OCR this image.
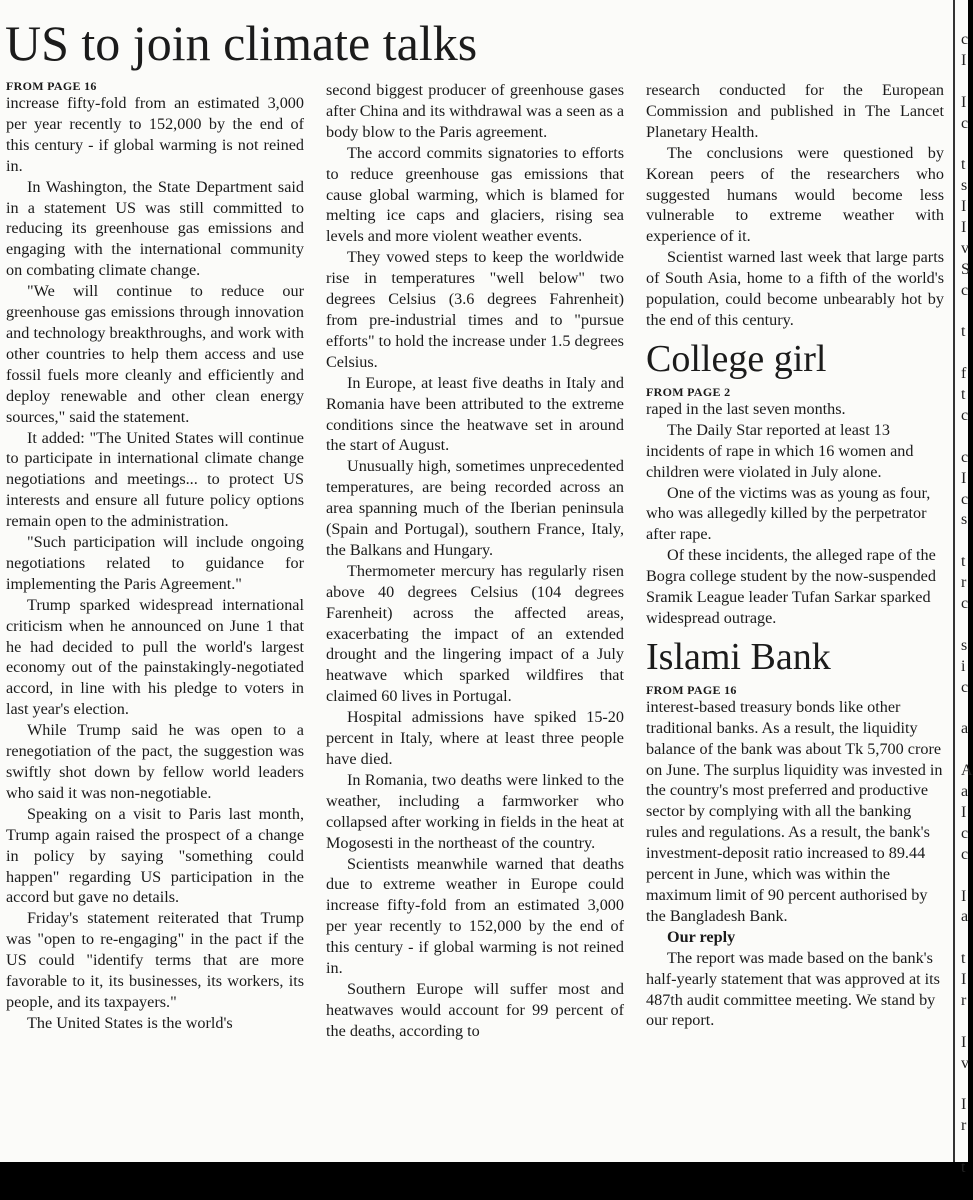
US to join climate talks

FROM PAGE 16

increase fifty-fold from an estimated 3,000 per year recently to 152,000 by the end of this century - if global warming is not reined in.

In Washington, the State Department said in a statement US was still committed to reducing its greenhouse gas emissions and engaging with the international community on combating climate change.

"We will continue to reduce our greenhouse gas emissions through innovation and technology breakthroughs, and work with other countries to help them access and use fossil fuels more cleanly and efficiently and deploy renewable and other clean energy sources," said the statement.

It added: "The United States will continue to participate in international climate change negotiations and meetings... to protect US interests and ensure all future policy options remain open to the administration.

"Such participation will include ongoing negotiations related to guidance for implementing the Paris Agreement."

Trump sparked widespread international criticism when he announced on June 1 that he had decided to pull the world's largest economy out of the painstakingly-negotiated accord, in line with his pledge to voters in last year's election.

While Trump said he was open to a renegotiation of the pact, the suggestion was swiftly shot down by fellow world leaders who said it was non-negotiable.

Speaking on a visit to Paris last month, Trump again raised the prospect of a change in policy by saying "something could happen" regarding US participation in the accord but gave no details.

Friday's statement reiterated that Trump was "open to re-engaging" in the pact if the US could "identify terms that are more favorable to it, its businesses, its workers, its people, and its taxpayers."

The United States is the world's

second biggest producer of greenhouse gases after China and its withdrawal was a seen as a body blow to the Paris agreement.

The accord commits signatories to efforts to reduce greenhouse gas emissions that cause global warming, which is blamed for melting ice caps and glaciers, rising sea levels and more violent weather events.

They vowed steps to keep the worldwide rise in temperatures "well below" two degrees Celsius (3.6 degrees Fahrenheit) from pre-industrial times and to "pursue efforts" to hold the increase under 1.5 degrees Celsius.

In Europe, at least five deaths in Italy and Romania have been attributed to the extreme conditions since the heatwave set in around the start of August.

Unusually high, sometimes unprecedented temperatures, are being recorded across an area spanning much of the Iberian peninsula (Spain and Portugal), southern France, Italy, the Balkans and Hungary.

Thermometer mercury has regularly risen above 40 degrees Celsius (104 degrees Farenheit) across the affected areas, exacerbating the impact of an extended drought and the lingering impact of a July heatwave which sparked wildfires that claimed 60 lives in Portugal.

Hospital admissions have spiked 15-20 percent in Italy, where at least three people have died.

In Romania, two deaths were linked to the weather, including a farmworker who collapsed after working in fields in the heat at Mogosesti in the northeast of the country.

Scientists meanwhile warned that deaths due to extreme weather in Europe could increase fifty-fold from an estimated 3,000 per year recently to 152,000 by the end of this century - if global warming is not reined in.

Southern Europe will suffer most and heatwaves would account for 99 percent of the deaths, according to

research conducted for the European Commission and published in The Lancet Planetary Health.

The conclusions were questioned by Korean peers of the researchers who suggested humans would become less vulnerable to extreme weather with experience of it.

Scientist warned last week that large parts of South Asia, home to a fifth of the world's population, could become unbearably hot by the end of this century.

College girl

FROM PAGE 2

raped in the last seven months.

The Daily Star reported at least 13 incidents of rape in which 16 women and children were violated in July alone.

One of the victims was as young as four, who was allegedly killed by the perpetrator after rape.

Of these incidents, the alleged rape of the Bogra college student by the now-suspended Sramik League leader Tufan Sarkar sparked widespread outrage.

Islami Bank

FROM PAGE 16

interest-based treasury bonds like other traditional banks. As a result, the liquidity balance of the bank was about Tk 5,700 crore on June. The surplus liquidity was invested in the country's most preferred and productive sector by complying with all the banking rules and regulations. As a result, the bank's investment-deposit ratio increased to 89.44 percent in June, which was within the maximum limit of 90 percent authorised by the Bangladesh Bank.

Our reply

The report was made based on the bank's half-yearly statement that was approved at its 487th audit committee meeting. We stand by our report.

c
I
I
c
t
s
I
I
v
S
c
t
f
t
c
c
I
c
s
t
r
c
s
i
c
a
A
a
I
c
c
I
a
t
I
r
I
v
I
r
t
